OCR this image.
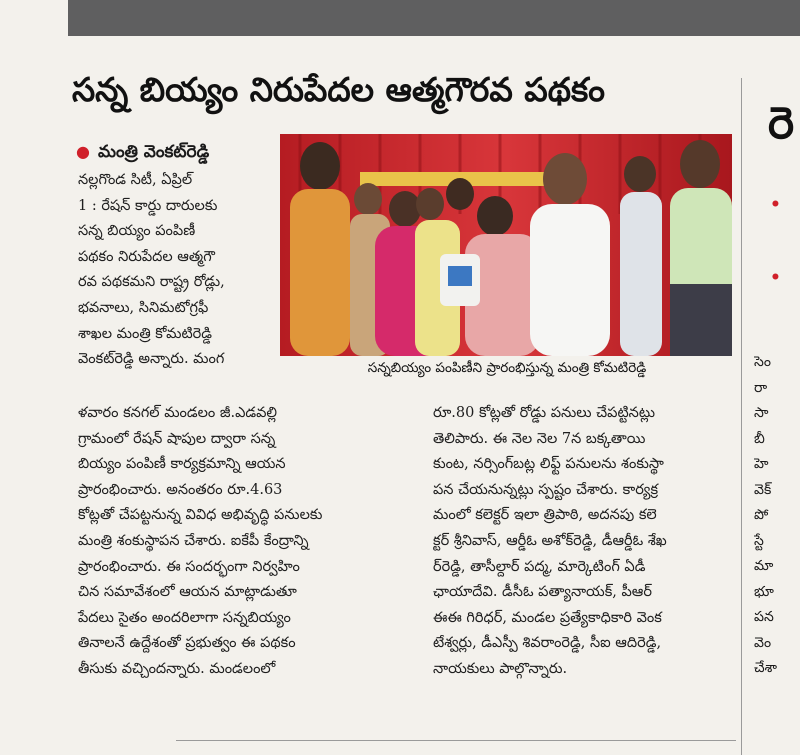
సన్న బియ్యం నిరుపేదల ఆత్మగౌరవ పథకం
● మంత్రి వెంకట్‌రెడ్డి

నల్లగొండ సిటీ, ఏప్రిల్

1 : రేషన్ కార్డు దారులకు

సన్న బియ్యం పంపిణీ

పథకం నిరుపేదల ఆత్మగౌ

రవ పథకమని రాష్ట్ర రోడ్లు,

భవనాలు, సినిమటోగ్రఫీ

శాఖల మంత్రి కోమటిరెడ్డి

వెంకట్‌రెడ్డి అన్నారు. మంగ

సన్నబియ్యం పంపిణీని ప్రారంభిస్తున్న మంత్రి కోమటిరెడ్డి

ళవారం కనగల్ మండలం జీ.ఎడవల్లి

గ్రామంలో రేషన్ షాపుల ద్వారా సన్న

బియ్యం పంపిణీ కార్యక్రమాన్ని ఆయన

ప్రారంభించారు. అనంతరం రూ.4.63

కోట్లతో చేపట్టనున్న వివిధ అభివృద్ధి పనులకు

మంత్రి శంకుస్థాపన చేశారు. ఐకేపీ కేంద్రాన్ని

ప్రారంభించారు. ఈ సందర్భంగా నిర్వహిం

చిన సమావేశంలో ఆయన మాట్లాడుతూ

పేదలు సైతం అందరిలాగా సన్నబియ్యం

తినాలనే ఉద్దేశంతో ప్రభుత్వం ఈ పథకం

తీసుకు వచ్చిందన్నారు. మండలంలో

రూ.80 కోట్లతో రోడ్డు పనులు చేపట్టినట్లు

తెలిపారు. ఈ నెల నెల 7న బక్కతాయి

కుంట, నర్సింగ్‌బట్ల లిఫ్ట్ పనులను శంకుస్థా

పన చేయనున్నట్లు స్పష్టం చేశారు. కార్యక్ర

మంలో కలెక్టర్ ఇలా త్రిపాఠి, అదనపు కలె

క్టర్ శ్రీనివాస్, ఆర్డీఓ అశోక్‌రెడ్డి, డీఆర్డీఓ శేఖ

ర్‌రెడ్డి, తాసీల్దార్ పద్మ, మార్కెటింగ్ ఏడీ

ఛాయాదేవి. డీసీఓ పత్యానాయక్, పీఆర్

ఈఈ గిరిధర్, మండల ప్రత్యేకాధికారి వెంక

టేశ్వర్లు, డీఎస్పీ శివరాంరెడ్డి, సీఐ ఆదిరెడ్డి,

నాయకులు పాల్గొన్నారు.

రె
•
•
సెం
రా
సా
బీ
హె
వెక్
పో
స్టే
మా
భూ
పన
వెం
చేశా
